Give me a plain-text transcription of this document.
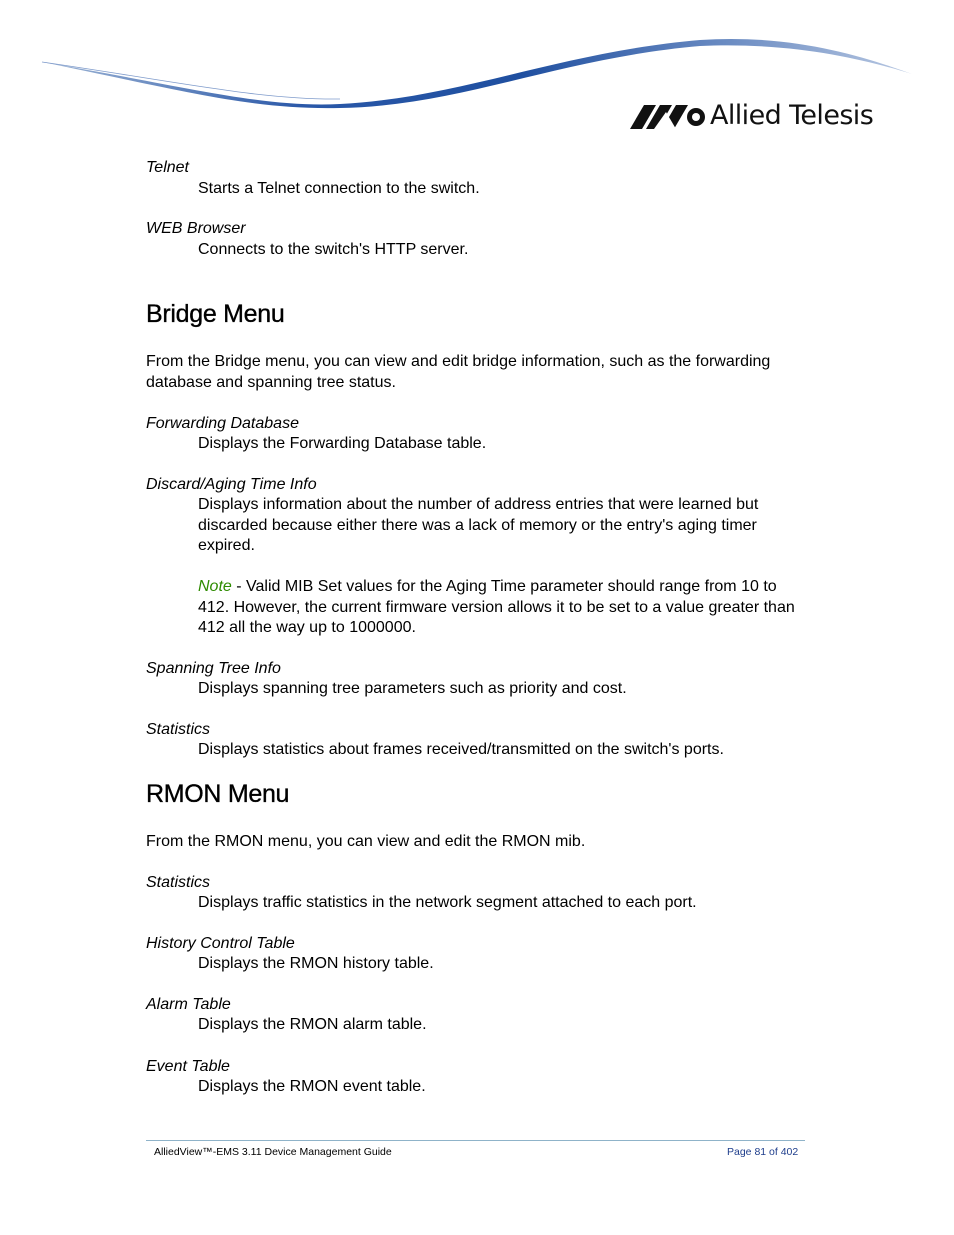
Allied Telesis
Telnet
Starts a Telnet connection to the switch.
WEB Browser
Connects to the switch's HTTP server.
Bridge Menu
From the Bridge menu, you can view and edit bridge information, such as the forwarding database and spanning tree status.
Forwarding Database
Displays the Forwarding Database table.
Discard/Aging Time Info
Displays information about the number of address entries that were learned but discarded because either there was a lack of memory or the entry's aging timer expired.
Note - Valid MIB Set values for the Aging Time parameter should range from 10 to 412. However, the current firmware version allows it to be set to a value greater than 412 all the way up to 1000000.
Spanning Tree Info
Displays spanning tree parameters such as priority and cost.
Statistics
Displays statistics about frames received/transmitted on the switch's ports.
RMON Menu
From the RMON menu, you can view and edit the RMON mib.
Statistics
Displays traffic statistics in the network segment attached to each port.
History Control Table
Displays the RMON history table.
Alarm Table
Displays the RMON alarm table.
Event Table
Displays the RMON event table.
AlliedView™-EMS 3.11 Device Management Guide	Page 81 of 402
